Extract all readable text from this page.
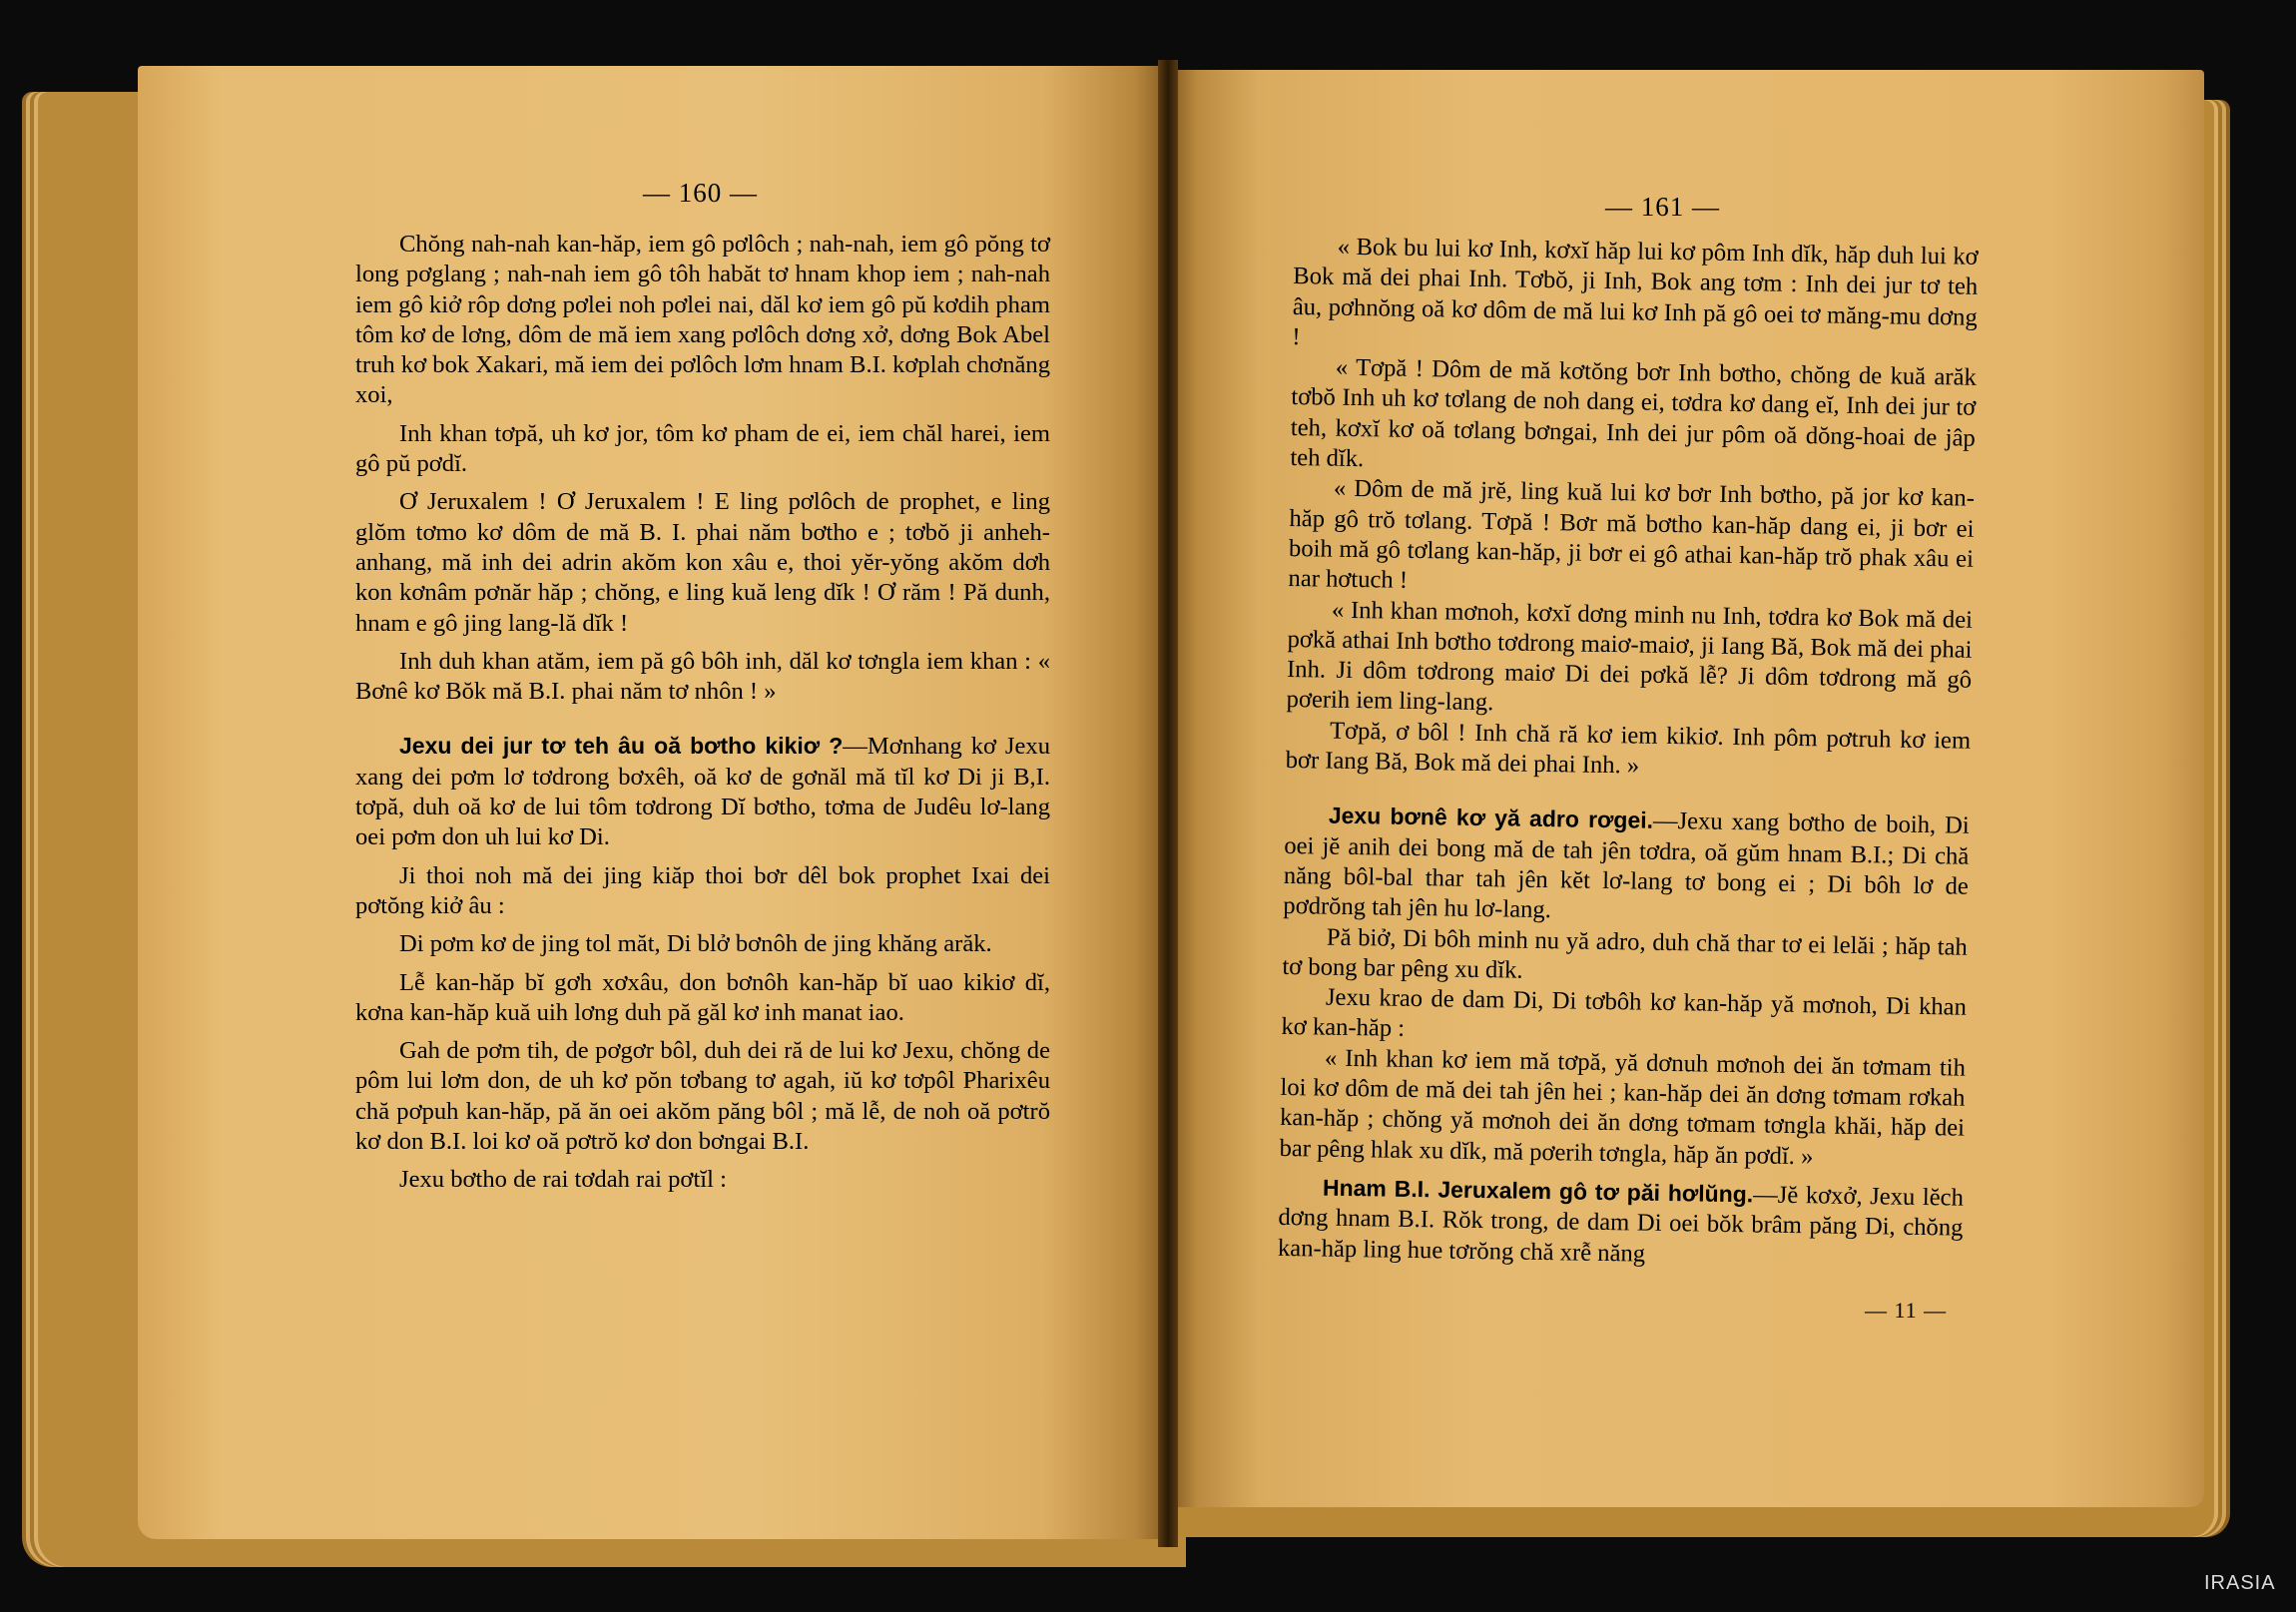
— 160 —	— 161 —

Chŏng nah-nah kan-hăp, iem gô pơlôch ; nah-nah, iem gô pŏng tơ long pơglang ; nah-nah iem gô tôh habăt tơ hnam khop iem ; nah-nah iem gô kiở rôp dơng pơlei noh pơlei nai, dăl kơ iem gô pŭ kơdih pham tôm kơ de lơng, dôm de mă iem xang pơlôch dơng xở, dơng Bok Abel truh kơ bok Xakari, mă iem dei pơlôch lơm hnam B.I. kơplah chơnăng xoi,

Inh khan tơpă, uh kơ jor, tôm kơ pham de ei, iem chăl harei, iem gô pŭ pơdĭ.

Ơ Jeruxalem ! Ơ Jeruxalem ! E ling pơlôch de prophet, e ling glŏm tơmo kơ dôm de mă B. I. phai năm bơtho e ; tơbŏ ji anheh-anhang, mă inh dei adrin akŏm kon xâu e, thoi yĕr-yŏng akŏm dơh kon kơnâm pơnăr hăp ; chŏng, e ling kuă leng dĭk ! Ơ răm ! Pă dunh, hnam e gô jing lang-lă dĭk !

Inh duh khan atăm, iem pă gô bôh inh, dăl kơ tơngla iem khan : « Bơnê kơ Bŏk mă B.I. phai năm tơ nhôn ! »

Jexu dei jur tơ teh âu oă bơtho kikiơ ?—Mơnhang kơ Jexu xang dei pơm lơ tơdrong bơxêh, oă kơ de gơnăl mă tĭl kơ Di ji B,I. tơpă, duh oă kơ de lui tôm tơdrong Dĭ bơtho, tơma de Judêu lơ-lang oei pơm don uh lui kơ Di.

Ji thoi noh mă dei jing kiăp thoi bơr dêl bok prophet Ixai dei pơtŏng kiở âu :

Di pơm kơ de jing tol măt, Di blở bơnôh de jing khăng arăk.

Lễ kan-hăp bĭ gơh xơxâu, don bơnôh kan-hăp bĭ uao kikiơ dĭ, kơna kan-hăp kuă uih lơng duh pă găl kơ inh manat iao.

Gah de pơm tih, de pơgơr bôl, duh dei ră de lui kơ Jexu, chŏng de pôm lui lơm don, de uh kơ pŏn tơbang tơ agah, iŭ kơ tơpôl Pharixêu chă pơpuh kan-hăp, pă ăn oei akŏm păng bôl ; mă lễ, de noh oă pơtrŏ kơ don B.I. loi kơ oă pơtrŏ kơ don bơngai B.I.

Jexu bơtho de rai tơdah rai pơtĭl :

« Bok bu lui kơ Inh, kơxĭ hăp lui kơ pôm Inh dĭk, hăp duh lui kơ Bok mă dei phai Inh. Tơbŏ, ji Inh, Bok ang tơm : Inh dei jur tơ teh âu, pơhnŏng oă kơ dôm de mă lui kơ Inh pă gô oei tơ măng-mu dơng !

« Tơpă ! Dôm de mă kơtŏng bơr Inh bơtho, chŏng de kuă arăk tơbŏ Inh uh kơ tơlang de noh dang ei, tơdra kơ dang eĭ, Inh dei jur tơ teh, kơxĭ kơ oă tơlang bơngai, Inh dei jur pôm oă dŏng-hoai de jâp teh dĭk.

« Dôm de mă jrĕ, ling kuă lui kơ bơr Inh bơtho, pă jor kơ kan-hăp gô trŏ tơlang. Tơpă ! Bơr mă bơtho kan-hăp dang ei, ji bơr ei boih mă gô tơlang kan-hăp, ji bơr ei gô athai kan-hăp trŏ phak xâu ei nar hơtuch !

« Inh khan mơnoh, kơxĭ dơng minh nu Inh, tơdra kơ Bok mă dei pơkă athai Inh bơtho tơdrong maiơ-maiơ, ji Iang Bă, Bok mă dei phai Inh. Ji dôm tơdrong maiơ Di dei pơkă lễ? Ji dôm tơdrong mă gô pơerih iem ling-lang.

Tơpă, ơ bôl ! Inh chă ră kơ iem kikiơ. Inh pôm pơtruh kơ iem bơr Iang Bă, Bok mă dei phai Inh. »

Jexu bơnê kơ yă adro rơgei.—Jexu xang bơtho de boih, Di oei jĕ anih dei bong mă de tah jên tơdra, oă gŭm hnam B.I.; Di chă năng bôl-bal thar tah jên kĕt lơ-lang tơ bong ei ; Di bôh lơ de pơdrŏng tah jên hu lơ-lang.

Pă biở, Di bôh minh nu yă adro, duh chă thar tơ ei lelăi ; hăp tah tơ bong bar pêng xu dĭk.

Jexu krao de dam Di, Di tơbôh kơ kan-hăp yă mơnoh, Di khan kơ kan-hăp :

« Inh khan kơ iem mă tơpă, yă dơnuh mơnoh dei ăn tơmam tih loi kơ dôm de mă dei tah jên hei ; kan-hăp dei ăn dơng tơmam rơkah kan-hăp ; chŏng yă mơnoh dei ăn dơng tơmam tơngla khăi, hăp dei bar pêng hlak xu dĭk, mă pơerih tơngla, hăp ăn pơdĭ. »

Hnam B.I. Jeruxalem gô tơ păi hơlŭng.—Jĕ kơxở, Jexu lĕch dơng hnam B.I. Rŏk trong, de dam Di oei bŏk brâm păng Di, chŏng kan-hăp ling hue tơrŏng chă xrễ năng

— 11 —
IRASIA
